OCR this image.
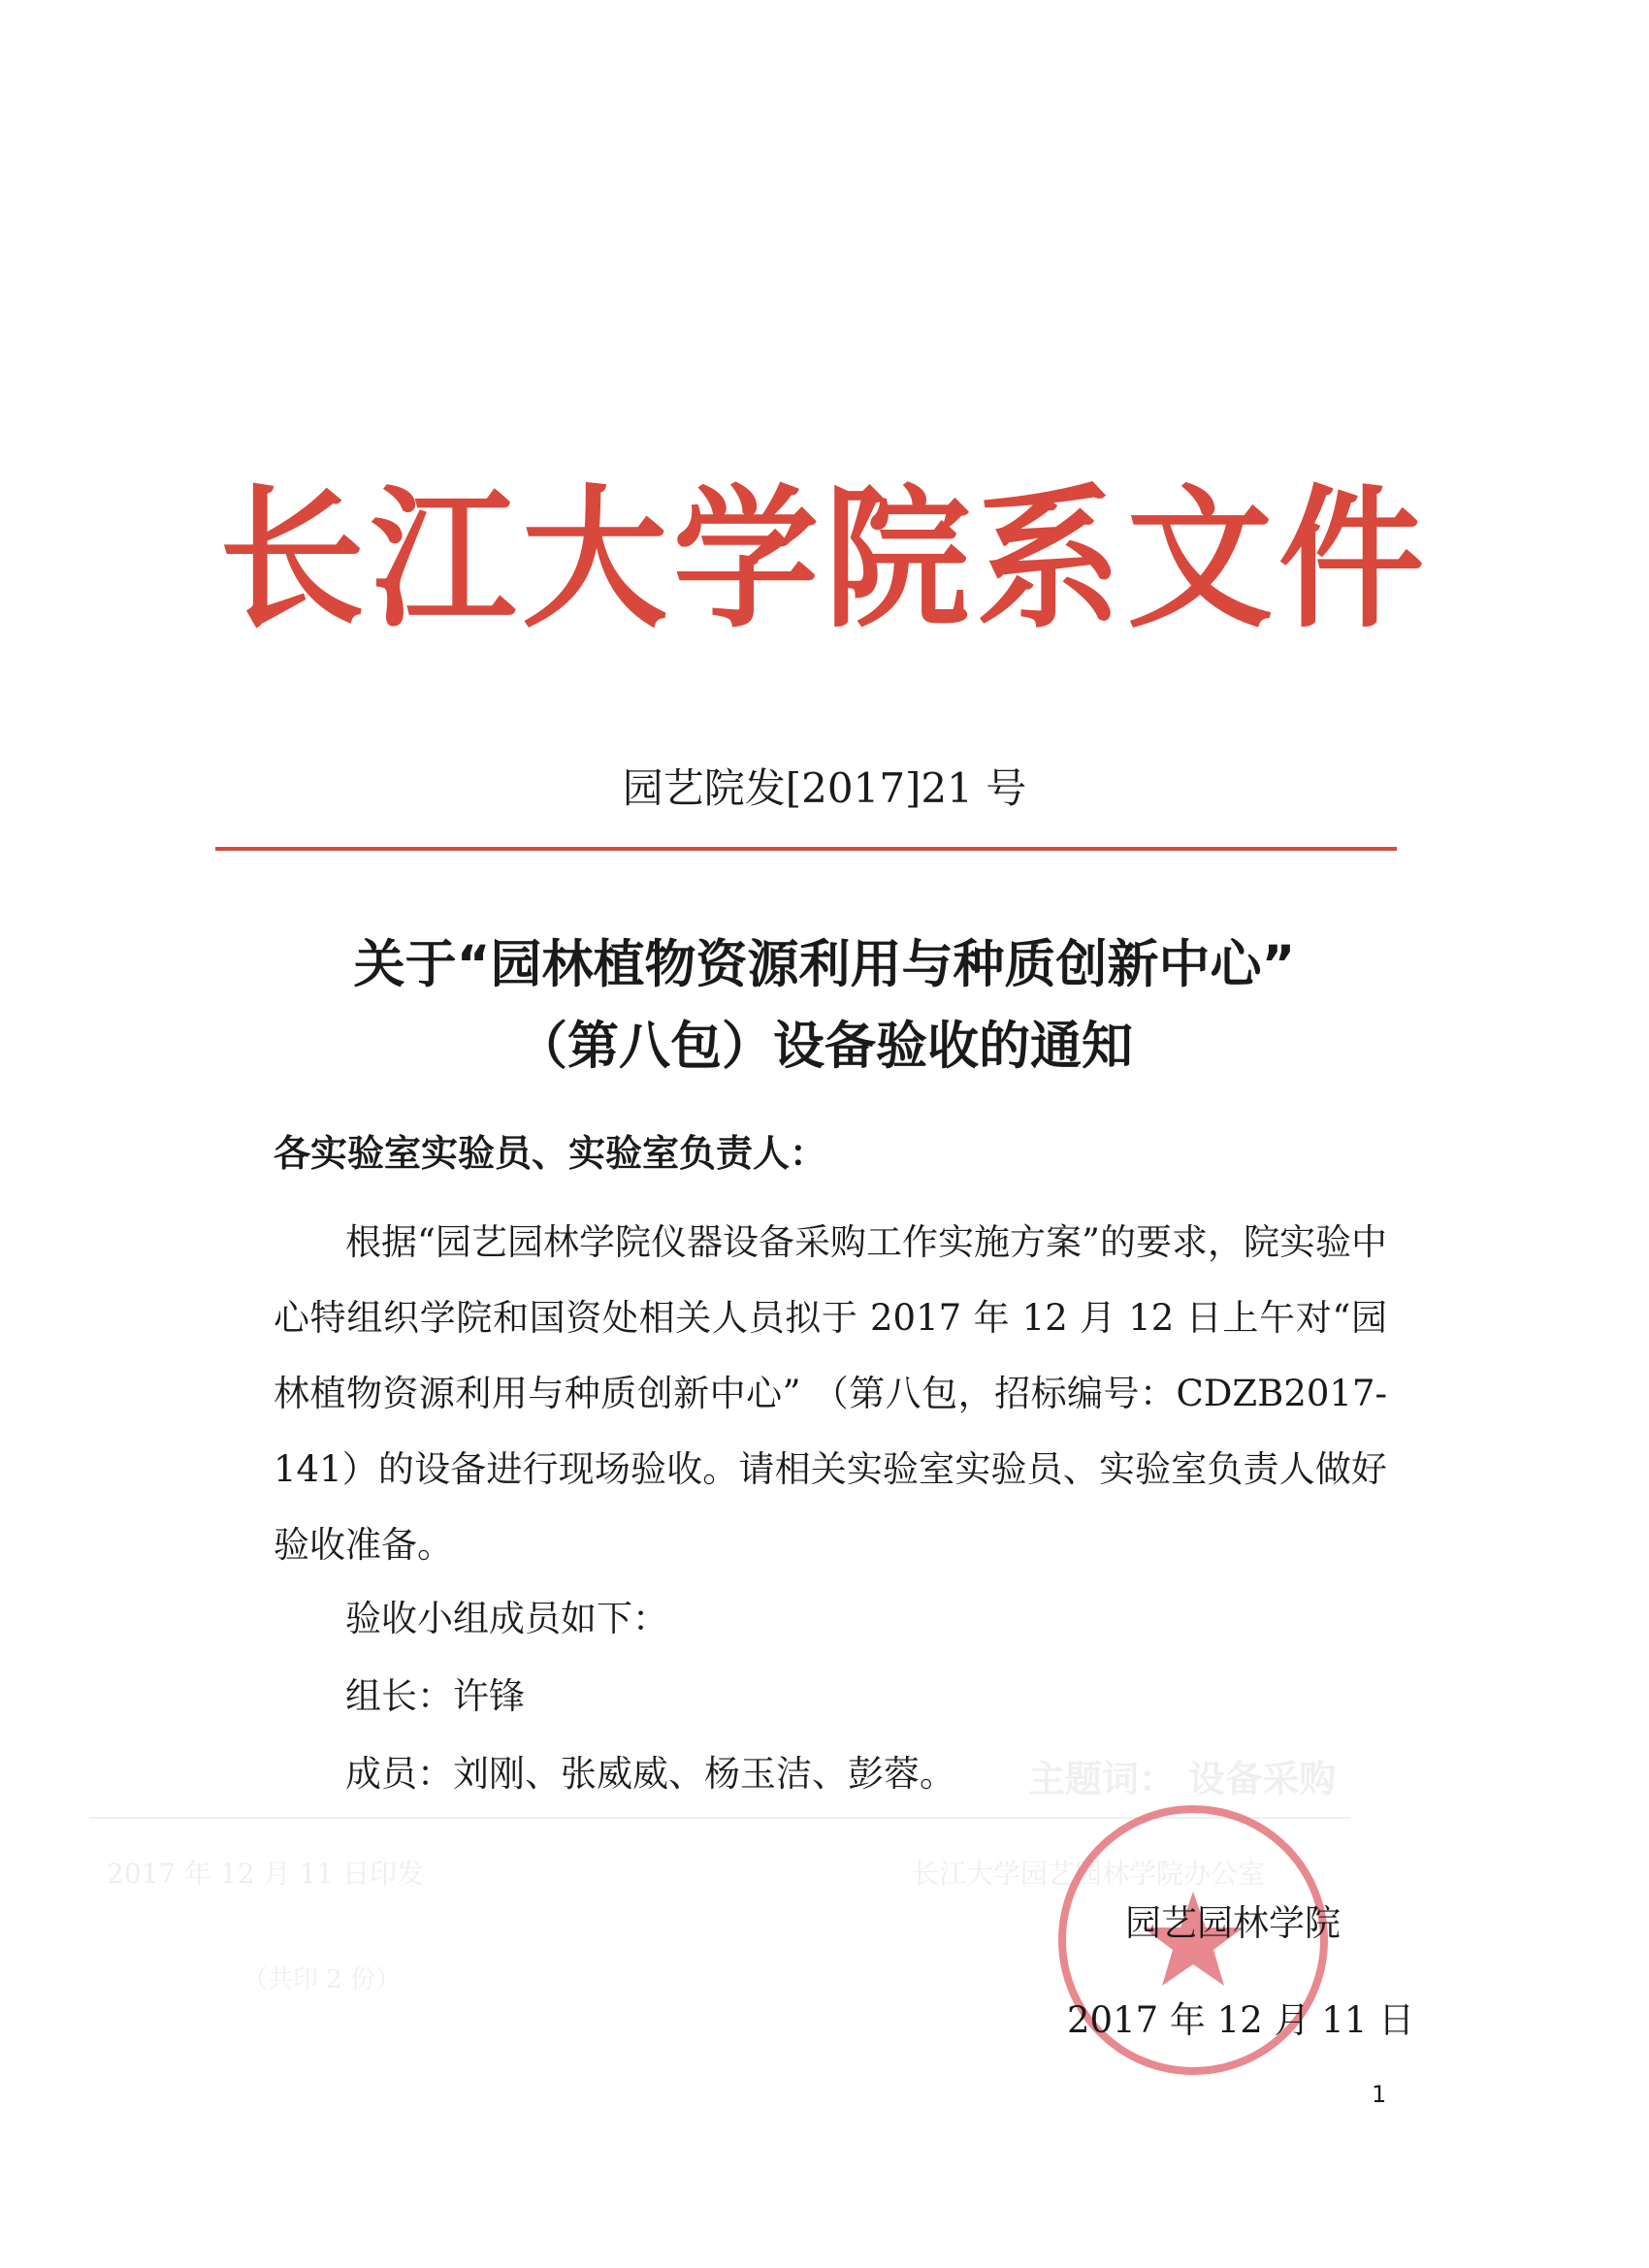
长江大学院系文件
园艺院发[2017]21 号
关于“园林植物资源利用与种质创新中心”
（第八包）设备验收的通知
各实验室实验员、实验室负责人：

根据“园艺园林学院仪器设备采购工作实施方案”的要求，院实验中心特组织学院和国资处相关人员拟于 2017 年 12 月 12 日上午对“园林植物资源利用与种质创新中心” （第八包，招标编号：CDZB2017-141）的设备进行现场验收。请相关实验室实验员、实验室负责人做好验收准备。

验收小组成员如下：
组长：许锋
成员：刘刚、张威威、杨玉洁、彭蓉。 主题词： 设备采购
2017 年 12 月 11 日印发	长江大学园艺园林学院办公室
（共印 2 份）
园艺园林学院
2017 年 12 月 11 日
1
